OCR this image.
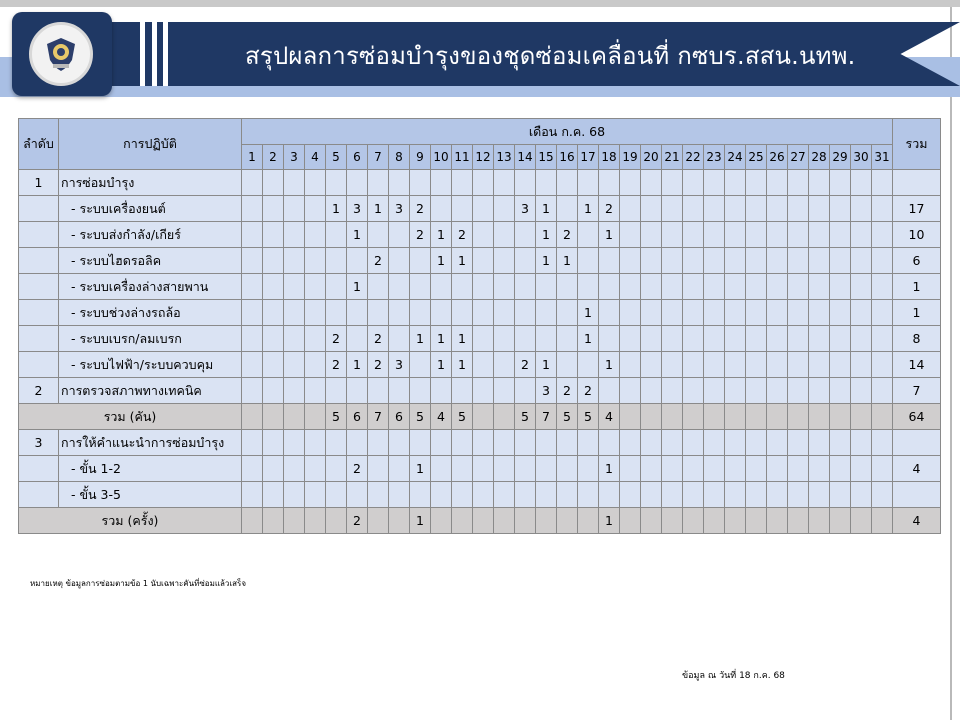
สรุปผลการซ่อมบำรุงของชุดซ่อมเคลื่อนที่ กซบร.สสน.นทพ.
ลำดับ	การปฏิบัติ	เดือน ก.ค. 68																															รวม
		1	2	3	4	5	6	7	8	9	10	11	12	13	14	15	16	17	18	19	20	21	22	23	24	25	26	27	28	29	30	31	
1	การซ่อมบำรุง																																
	- ระบบเครื่องยนต์					1	3	1	3	2					3	1		1	2														17
	- ระบบส่งกำลัง/เกียร์						1			2	1	2				1	2		1														10
	- ระบบไฮดรอลิค							2			1	1				1	1																6
	- ระบบเครื่องล่างสายพาน						1																										1
	- ระบบช่วงล่างรถล้อ																	1															1
	- ระบบเบรก/ลมเบรก					2		2		1	1	1						1															8
	- ระบบไฟฟ้า/ระบบควบคุม					2	1	2	3		1	1			2	1			1														14
2	การตรวจสภาพทางเทคนิค															3	2	2															7
รวม (คัน)						5	6	7	6	5	4	5			5	7	5	5	4														64
3	การให้คำแนะนำการซ่อมบำรุง																																
	- ขั้น 1-2						2			1									1														4
	- ขั้น 3-5																																
รวม (ครั้ง)							2			1									1														4
หมายเหตุ ข้อมูลการซ่อมตามข้อ 1 นับเฉพาะคันที่ซ่อมแล้วเสร็จ
ข้อมูล ณ วันที่ 18 ก.ค. 68
